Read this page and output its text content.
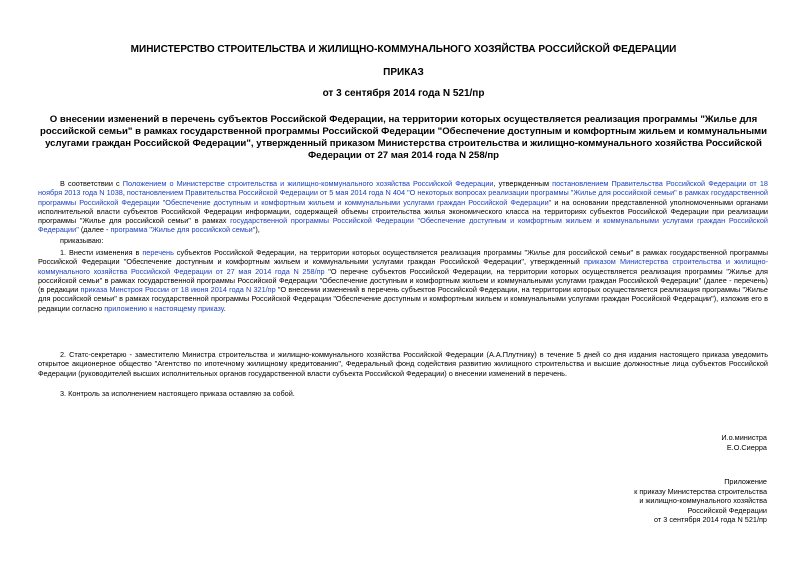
МИНИСТЕРСТВО СТРОИТЕЛЬСТВА И ЖИЛИЩНО-КОММУНАЛЬНОГО ХОЗЯЙСТВА РОССИЙСКОЙ ФЕДЕРАЦИИ
ПРИКАЗ
от 3 сентября 2014 года N 521/пр
О внесении изменений в перечень субъектов Российской Федерации, на территории которых осуществляется реализация программы "Жилье для российской семьи" в рамках государственной программы Российской Федерации "Обеспечение доступным и комфортным жильем и коммунальными услугами граждан Российской Федерации", утвержденный приказом Министерства строительства и жилищно-коммунального хозяйства Российской Федерации от 27 мая 2014 года N 258/пр
В соответствии с Положением о Министерстве строительства и жилищно-коммунального хозяйства Российской Федерации, утвержденным постановлением Правительства Российской Федерации от 18 ноября 2013 года N 1038, постановлением Правительства Российской Федерации от 5 мая 2014 года N 404 "О некоторых вопросах реализации программы "Жилье для российской семьи" в рамках государственной программы Российской Федерации "Обеспечение доступным и комфортным жильем и коммунальными услугами граждан Российской Федерации" и на основании представленной уполномоченными органами исполнительной власти субъектов Российской Федерации информации, содержащей объемы строительства жилья экономического класса на территориях субъектов Российской Федерации при реализации программы "Жилье для российской семьи" в рамках государственной программы Российской Федерации "Обеспечение доступным и комфортным жильем и коммунальными услугами граждан Российской Федерации" (далее - программа "Жилье для российской семьи"),
приказываю:
1. Внести изменения в перечень субъектов Российской Федерации, на территории которых осуществляется реализация программы "Жилье для российской семьи" в рамках государственной программы Российской Федерации "Обеспечение доступным и комфортным жильем и коммунальными услугами граждан Российской Федерации", утвержденный приказом Министерства строительства и жилищно-коммунального хозяйства Российской Федерации от 27 мая 2014 года N 258/пр "О перечне субъектов Российской Федерации, на территории которых осуществляется реализация программы "Жилье для российской семьи" в рамках государственной программы Российской Федерации "Обеспечение доступным и комфортным жильем и коммунальными услугами граждан Российской Федерации" (далее - перечень) (в редакции приказа Минстроя России от 18 июня 2014 года N 321/пр "О внесении изменений в перечень субъектов Российской Федерации, на территории которых осуществляется реализация программы "Жилье для российской семьи" в рамках государственной программы Российской Федерации "Обеспечение доступным и комфортным жильем и коммунальными услугами граждан Российской Федерации"), изложив его в редакции согласно приложению к настоящему приказу.
2. Статс-секретарю - заместителю Министра строительства и жилищно-коммунального хозяйства Российской Федерации (А.А.Плутнику) в течение 5 дней со дня издания настоящего приказа уведомить открытое акционерное общество "Агентство по ипотечному жилищному кредитованию", Федеральный фонд содействия развитию жилищного строительства и высшие должностные лица субъектов Российской Федерации (руководителей высших исполнительных органов государственной власти субъекта Российской Федерации) о внесении изменений в перечень.
3. Контроль за исполнением настоящего приказа оставляю за собой.
И.о.министра
Е.О.Сиерра
Приложение
к приказу Министерства строительства
и жилищно-коммунального хозяйства
Российской Федерации
от 3 сентября 2014 года N 521/пр
